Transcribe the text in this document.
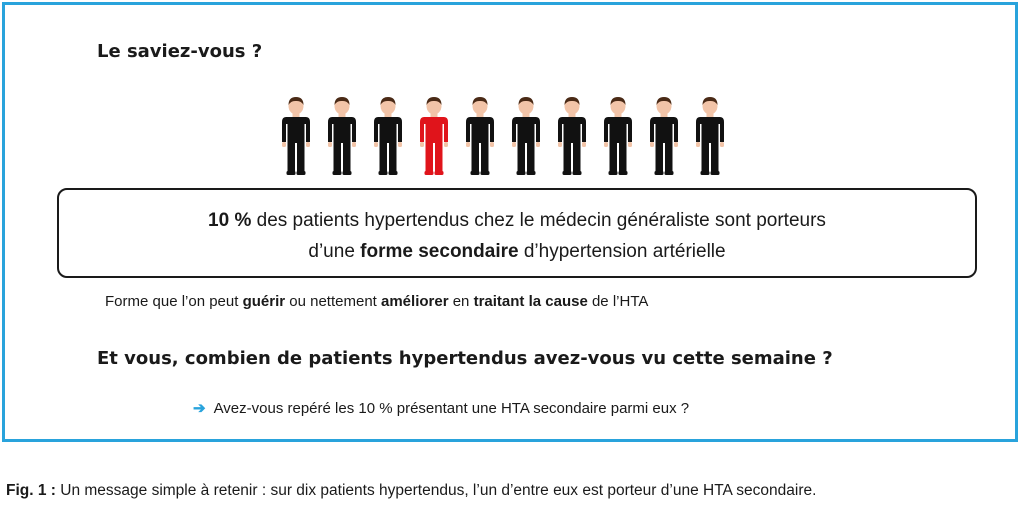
Le saviez-vous ?
10 % des patients hypertendus chez le médecin généraliste sont porteurs
d’une forme secondaire d’hypertension artérielle
Forme que l’on peut guérir ou nettement améliorer en traitant la cause de l’HTA
Et vous, combien de patients hypertendus avez-vous vu cette semaine ?
➔ Avez-vous repéré les 10 % présentant une HTA secondaire parmi eux ?
Fig. 1 : Un message simple à retenir : sur dix patients hypertendus, l’un d’entre eux est porteur d’une HTA secondaire.
